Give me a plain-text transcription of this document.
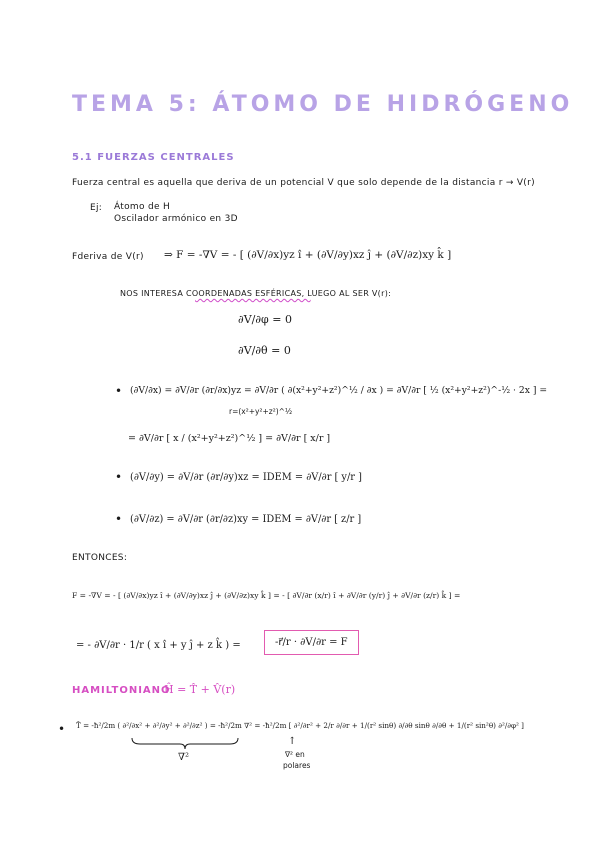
TEMA 5: ÁTOMO DE HIDRÓGENO
5.1 FUERZAS CENTRALES
Fuerza central es aquella que deriva de un potencial V que solo depende de la distancia r → V(r)
Ej: Átomo de H
Oscilador armónico en 3D
Fderiva de V(r) ⇒ F = -∇V = - [ (∂V/∂x)yz î + (∂V/∂y)xz ĵ + (∂V/∂z)xy k̂ ]
NOS INTERESA COORDENADAS ESFÉRICAS, LUEGO AL SER V(r):
∂V/∂φ = 0
∂V/∂θ = 0
• (∂V/∂x) = ∂V/∂r (∂r/∂x)yz = ∂V/∂r ( ∂(x²+y²+z²)^½ / ∂x ) = ∂V/∂r [ ½ (x²+y²+z²)^-½ · 2x ] =
r=(x²+y²+z²)^½
= ∂V/∂r [ x / (x²+y²+z²)^½ ] = ∂V/∂r [ x/r ]
• (∂V/∂y) = ∂V/∂r (∂r/∂y)xz = IDEM = ∂V/∂r [ y/r ]
• (∂V/∂z) = ∂V/∂r (∂r/∂z)xy = IDEM = ∂V/∂r [ z/r ]
ENTONCES:
F = -∇V = - [ (∂V/∂x)yz î + (∂V/∂y)xz ĵ + (∂V/∂z)xy k̂ ] = - [ ∂V/∂r (x/r) î + ∂V/∂r (y/r) ĵ + ∂V/∂r (z/r) k̂ ] =
= - ∂V/∂r · 1/r ( x î + y ĵ + z k̂ ) =	-r⃗/r · ∂V/∂r = F
HAMILTONIANO
Ĥ = T̂ + V̂(r)
• T̂ = -ħ²/2m ( ∂²/∂x² + ∂²/∂y² + ∂²/∂z² ) = -ħ²/2m ∇² = -ħ²/2m [ ∂²/∂r² + 2/r ∂/∂r + 1/(r² sinθ) ∂/∂θ sinθ ∂/∂θ + 1/(r² sin²θ) ∂²/∂φ² ]
∇²
↑
∇² en
polares
